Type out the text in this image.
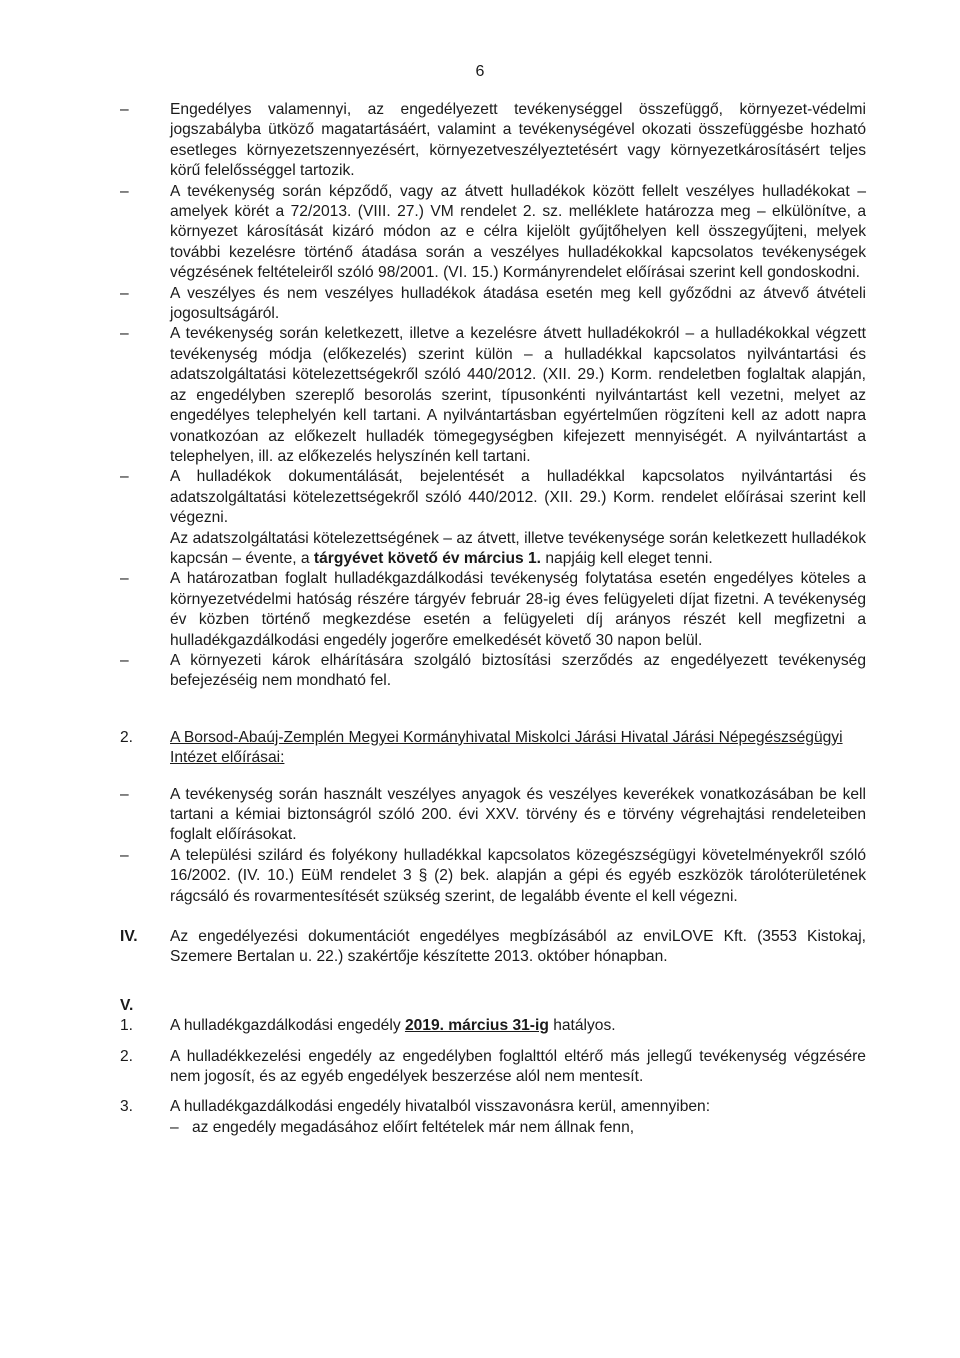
6
–	Engedélyes valamennyi, az engedélyezett tevékenységgel összefüggő, környezet-védelmi jogszabályba ütköző magatartásáért, valamint a tevékenységével okozati összefüggésbe hozható esetleges környezetszennyezésért, környezetveszélyeztetésért vagy környezetkárosításért teljes körű felelősséggel tartozik.
–	A tevékenység során képződő, vagy az átvett hulladékok között fellelt veszélyes hulladékokat – amelyek körét a 72/2013. (VIII. 27.) VM rendelet 2. sz. melléklete határozza meg – elkülönítve, a környezet károsítását kizáró módon az e célra kijelölt gyűjtőhelyen kell összegyűjteni, melyek további kezelésre történő átadása során a veszélyes hulladékokkal kapcsolatos tevékenységek végzésének feltételeiről szóló 98/2001. (VI. 15.) Kormányrendelet előírásai szerint kell gondoskodni.
–	A veszélyes és nem veszélyes hulladékok átadása esetén meg kell győződni az átvevő átvételi jogosultságáról.
–	A tevékenység során keletkezett, illetve a kezelésre átvett hulladékokról – a hulladékokkal végzett tevékenység módja (előkezelés) szerint külön – a hulladékkal kapcsolatos nyilvántartási és adatszolgáltatási kötelezettségekről szóló 440/2012. (XII. 29.) Korm. rendeletben foglaltak alapján, az engedélyben szereplő besorolás szerint, típusonkénti nyilvántartást kell vezetni, melyet az engedélyes telephelyén kell tartani. A nyilvántartásban egyértelműen rögzíteni kell az adott napra vonatkozóan az előkezelt hulladék tömegegységben kifejezett mennyiségét. A nyilvántartást a telephelyen, ill. az előkezelés helyszínén kell tartani.
–	A hulladékok dokumentálását, bejelentését a hulladékkal kapcsolatos nyilvántartási és adatszolgáltatási kötelezettségekről szóló 440/2012. (XII. 29.) Korm. rendelet előírásai szerint kell végezni.
Az adatszolgáltatási kötelezettségének – az átvett, illetve tevékenysége során keletkezett hulladékok kapcsán – évente, a tárgyévet követő év március 1. napjáig kell eleget tenni.
–	A határozatban foglalt hulladékgazdálkodási tevékenység folytatása esetén engedélyes köteles a környezetvédelmi hatóság részére tárgyév február 28-ig éves felügyeleti díjat fizetni. A tevékenység év közben történő megkezdése esetén a felügyeleti díj arányos részét kell megfizetni a hulladékgazdálkodási engedély jogerőre emelkedését követő 30 napon belül.
–	A környezeti károk elhárítására szolgáló biztosítási szerződés az engedélyezett tevékenység befejezéséig nem mondható fel.
2.	A Borsod-Abaúj-Zemplén Megyei Kormányhivatal Miskolci Járási Hivatal Járási Népegészségügyi Intézet előírásai:
–	A tevékenység során használt veszélyes anyagok és veszélyes keverékek vonatkozásában be kell tartani a kémiai biztonságról szóló 200. évi XXV. törvény és e törvény végrehajtási rendeleteiben foglalt előírásokat.
–	A települési szilárd és folyékony hulladékkal kapcsolatos közegészségügyi követelményekről szóló 16/2002. (IV. 10.) EüM rendelet 3 § (2) bek. alapján a gépi és egyéb eszközök tárolóterületének rágcsáló és rovarmentesítését szükség szerint, de legalább évente el kell végezni.
IV.	Az engedélyezési dokumentációt engedélyes megbízásából az enviLOVE Kft. (3553 Kistokaj, Szemere Bertalan u. 22.) szakértője készítette 2013. október hónapban.
V.
1.	A hulladékgazdálkodási engedély 2019. március 31-ig hatályos.
2.	A hulladékkezelési engedély az engedélyben foglalttól eltérő más jellegű tevékenység végzésére nem jogosít, és az egyéb engedélyek beszerzése alól nem mentesít.
3.	A hulladékgazdálkodási engedély hivatalból visszavonásra kerül, amennyiben:
– az engedély megadásához előírt feltételek már nem állnak fenn,
